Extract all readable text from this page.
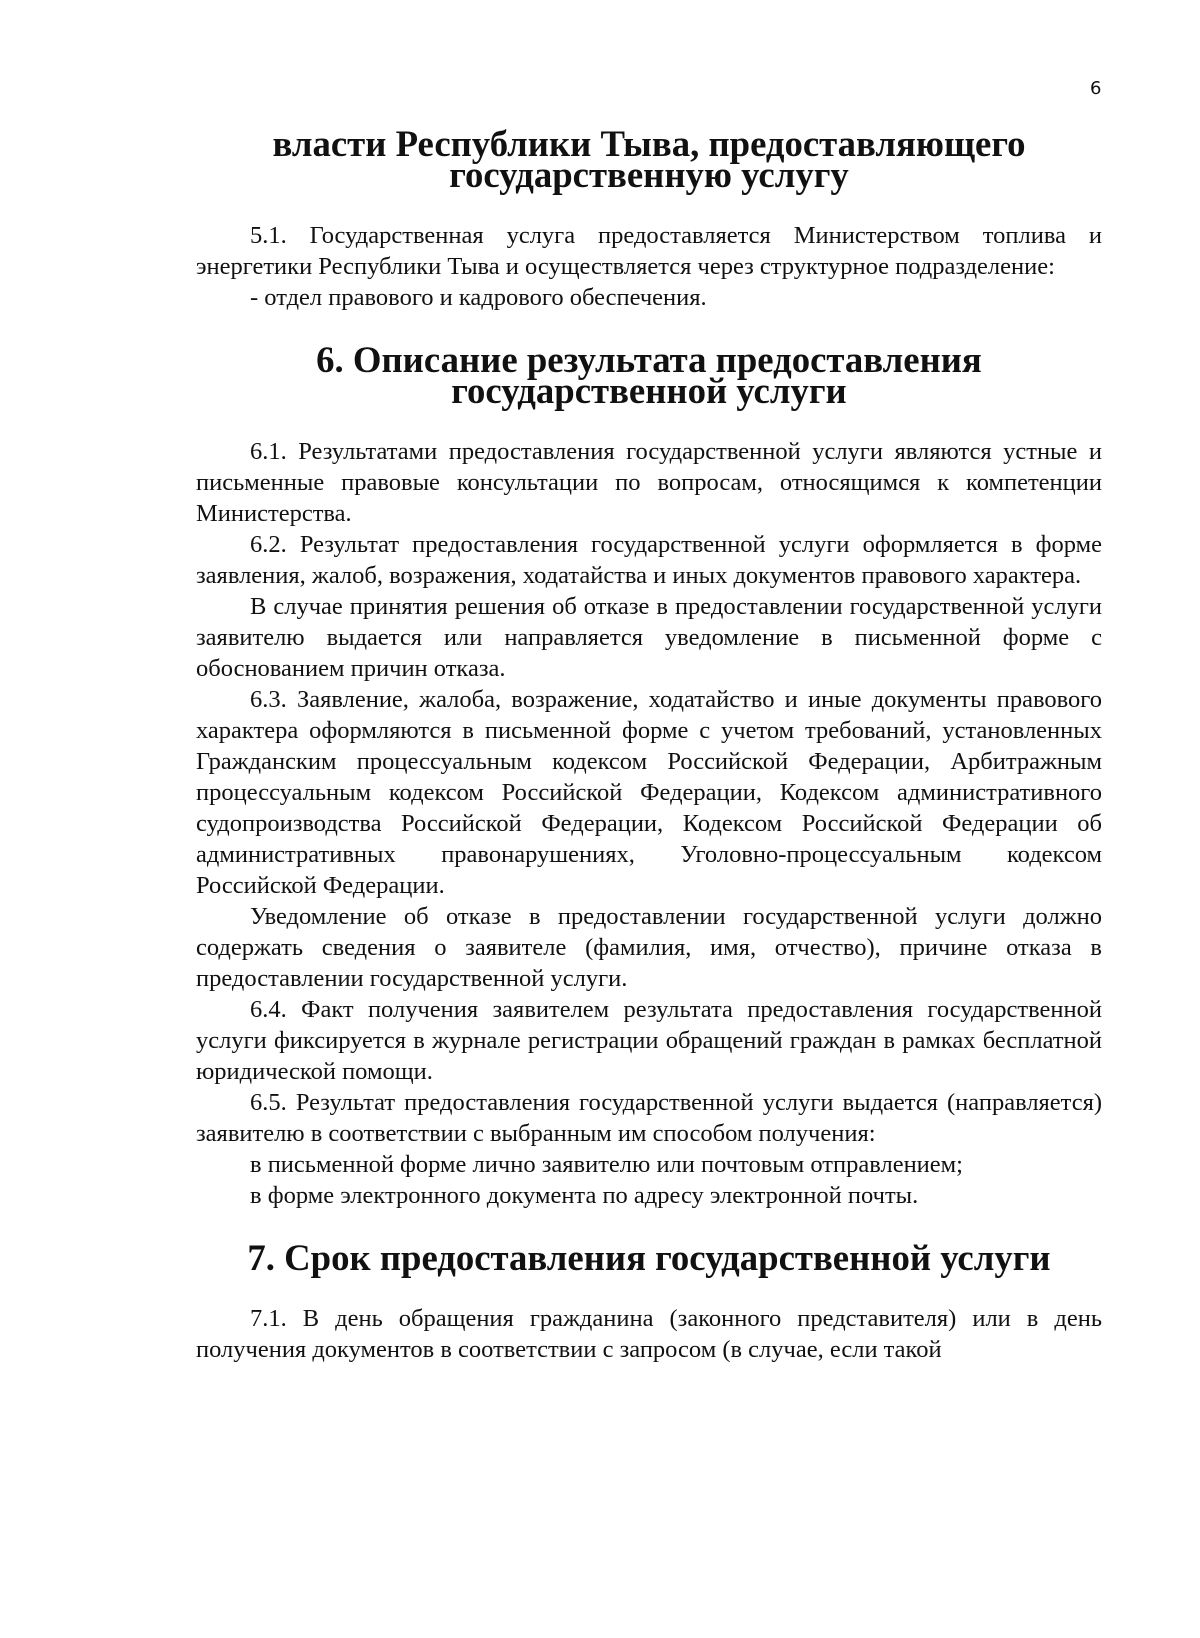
6
власти Республики Тыва, предоставляющего
государственную услугу

5.1. Государственная услуга предоставляется Министерством топлива и энергетики Республики Тыва и осуществляется через структурное подразделение:

- отдел правового и кадрового обеспечения.

6. Описание результата предоставления
государственной услуги

6.1. Результатами предоставления государственной услуги являются устные и письменные правовые консультации по вопросам, относящимся к компетенции Министерства.

6.2. Результат предоставления государственной услуги оформляется в форме заявления, жалоб, возражения, ходатайства и иных документов правового характера.

В случае принятия решения об отказе в предоставлении государственной услуги заявителю выдается или направляется уведомление в письменной форме с обоснованием причин отказа.

6.3. Заявление, жалоба, возражение, ходатайство и иные документы правового характера оформляются в письменной форме с учетом требований, установленных Гражданским процессуальным кодексом Российской Федерации, Арбитражным процессуальным кодексом Российской Федерации, Кодексом административного судопроизводства Российской Федерации, Кодексом Российской Федерации об административных правонарушениях, Уголовно-процессуальным кодексом Российской Федерации.

Уведомление об отказе в предоставлении государственной услуги должно содержать сведения о заявителе (фамилия, имя, отчество), причине отказа в предоставлении государственной услуги.

6.4. Факт получения заявителем результата предоставления государственной услуги фиксируется в журнале регистрации обращений граждан в рамках бесплатной юридической помощи.

6.5. Результат предоставления государственной услуги выдается (направляется) заявителю в соответствии с выбранным им способом получения:

в письменной форме лично заявителю или почтовым отправлением;

в форме электронного документа по адресу электронной почты.

7. Срок предоставления государственной услуги

7.1. В день обращения гражданина (законного представителя) или в день получения документов в соответствии с запросом (в случае, если такой
